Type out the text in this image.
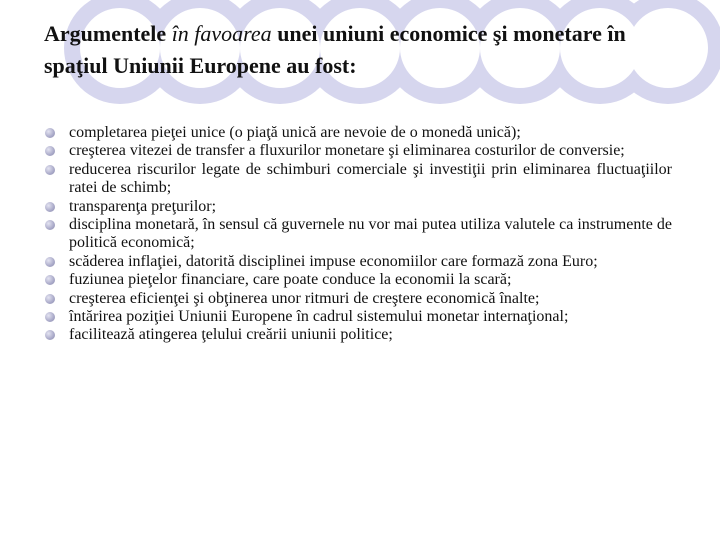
Argumentele în favoarea unei uniuni economice şi monetare în spaţiul Uniunii Europene au fost:
completarea pieţei unice (o piaţă unică are nevoie de o monedă unică);
creşterea vitezei de transfer a fluxurilor monetare şi eliminarea costurilor de conversie;
reducerea riscurilor legate de schimburi comerciale şi investiţii prin eliminarea fluctuaţiilor ratei de schimb;
transparenţa preţurilor;
disciplina monetară, în sensul că guvernele nu vor mai putea utiliza valutele ca instrumente de politică economică;
scăderea inflaţiei, datorită disciplinei impuse economiilor care formază zona Euro;
fuziunea pieţelor financiare, care poate conduce la economii la scară;
creşterea eficienţei şi obţinerea unor ritmuri de creştere economică înalte;
întărirea poziţiei Uniunii Europene în cadrul sistemului monetar internaţional;
facilitează atingerea ţelului creării uniunii politice;
